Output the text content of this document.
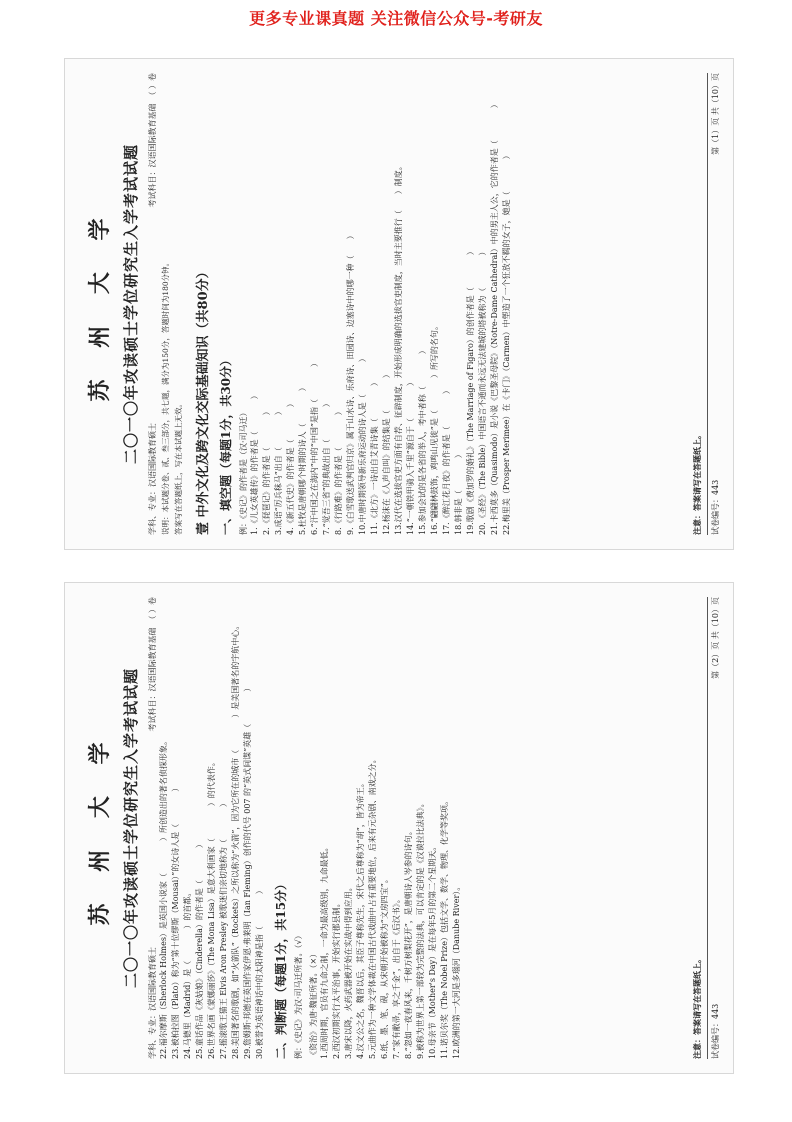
更多专业课真题 关注微信公众号-考研友
苏 州 大 学 二〇一〇年攻读硕士学位研究生入学考试试题
学科、专业：汉语国际教育硕士
考试科目：汉语国际教育基础　（ ）卷
说明：本试题分卷、贰、叁三部分，共七题，满分为150分，答题时间为180分钟。 答案写在答题纸上，写在本试题上无效。 壹 中外文化及跨文化交际基础知识（共80分） 一、填空题（每题1分，共30分） 例：《史记》的作者是（汉·司马迁） 1.《儿女英雄传》的作者是（　　　　） 2.《琵琶记》的作者是（　　　　） 3.成语“厉兵秣马”出自（　　　　） 4.《新五代史》的作者是（　　　　） 5.杜牧是唐朝哪个时期的诗人（　　　　） 6.“汗中国之在海内”中的“中国”是指（　　　　） 7.“觉吾三省”的典故出自（　　　　） 8.《行路难》的作者是（　　　　） 9.《白雪歌送武判官归京》属于山水诗、乐府诗、田园诗、边塞诗中的哪一种（　　） 10.中唐时期领导新乐府运动的诗人是（　　　　） 11.《北方》一诗出自艾青诗集（　　　　） 12.杨沫在《人声自叫》的结集是（　　　　） 13.汉代在选拔官吏方面有自荐、征辟制度，开始形成明确的选拔官吏制度，当时主要推行（　　）制度。 14.“一朝铁甲骑入千里”源自于（　　　　） 15.参加会试的是各省的举人，考中者称（　　　　） 16.“翩翩林鼓饰，鸡鸣山见徙”是（　　　　）所写的名句。 17.《醉江花月夜》的作者是（　　　　） 18.韩非是（　　　　） 19.歌剧《费加罗的婚礼》（The Marriage of Figaro）的创作者是（　　　　） 20.《圣经》（The Bible）中国语言不通而永远无法建城的塔被称为（　　　　） 21.卡西莫多（Quasimodo）是小说《巴黎圣母院》（Notre-Dame Cathedral）中的男主人公，它的作者是（　　　　） 22.梅里美（Prosper Merimee）在《卡门》（Carmen）中塑造了一个狂放不羁的女子，她是（　　　　）	注意：答案请写在答题纸上。 试卷编号：443
第（1）页 共（10）页
苏 州 大 学 二〇一〇年攻读硕士学位研究生入学考试试题
学科、专业：汉语国际教育硕士
考试科目：汉语国际教育基础　（ ）卷
22.福尔摩斯（Sherlock Holmes）是英国小说家（　　　　）所创造出的著名侦探形象。 23.被柏拉图（Plato）称为“第十位缪斯（Mousai）”的女诗人是（　　　　） 24.马德里（Madrid）是（　　　　）的首都。 25.童话作品《灰姑娘》（Cinderella）的作者是（　　　　） 26.世界名画《蒙娜丽莎》（The Mona Lisa）是意大利画家（　　　　）的代表作。 27.摇滚歌王猫王 Elvis Aron Presley 被歌迷们亲切地称为（　　　　） 28.美国著名的歌剧，如“火箭队”（Rockets）之所以称为“火箭”，因为它所在的城市（　　　　）是美国著名的宇航中心。 29.詹姆斯·邦德在英国作家伊恩·弗莱明（Ian Fleming）创作的代号 007 的“英式间谍”英雄（　　　　） 30.被誉为英语神话中的太阳神是指（　　　　） 二、判断题（每题1分，共15分） 例：《史记》为汉·司马迁所著。（√） 《资治》为唐·魏征所著。（×） 1.西周时期，官员有九命之制，一命为最高级别，九命最低。 2.西汉初期实行太平治事，开始实行郡县制。 3.唐宋以降，火药武器被开始在实战中得到应用。 4.汉文公之名，魏晋以后，其臣子尊称先生，宋代之后尊称为“胡”，皆为帝王。 5.元曲作为一种文学体裁在中国古代戏曲中占有重要地位，后来有元杂剧、南戏之分。 6.纸、墨、笔、砚，从宋朝开始被称为“文房四宝”。 7.“家有敝帚，享之千金”，出自于《后汉书》。 8.“忽如一夜春风来，千树万树梨花开”，是唐朝诗人岑参的诗句。 9.被称为世界上第一部较为完整的法典，可以肯定的是《汉谟拉比法典》。 10.母亲节（Mother's Day）是在每年5月的第二个星期天。 11.诺贝尔奖（The Nobel Prize）包括文学、数学、物理、化学等奖项。 12.欧洲的第一大河是多瑙河（Danube River）。	注意：答案请写在答题纸上。 试卷编号：443
第（2）页 共（10）页
